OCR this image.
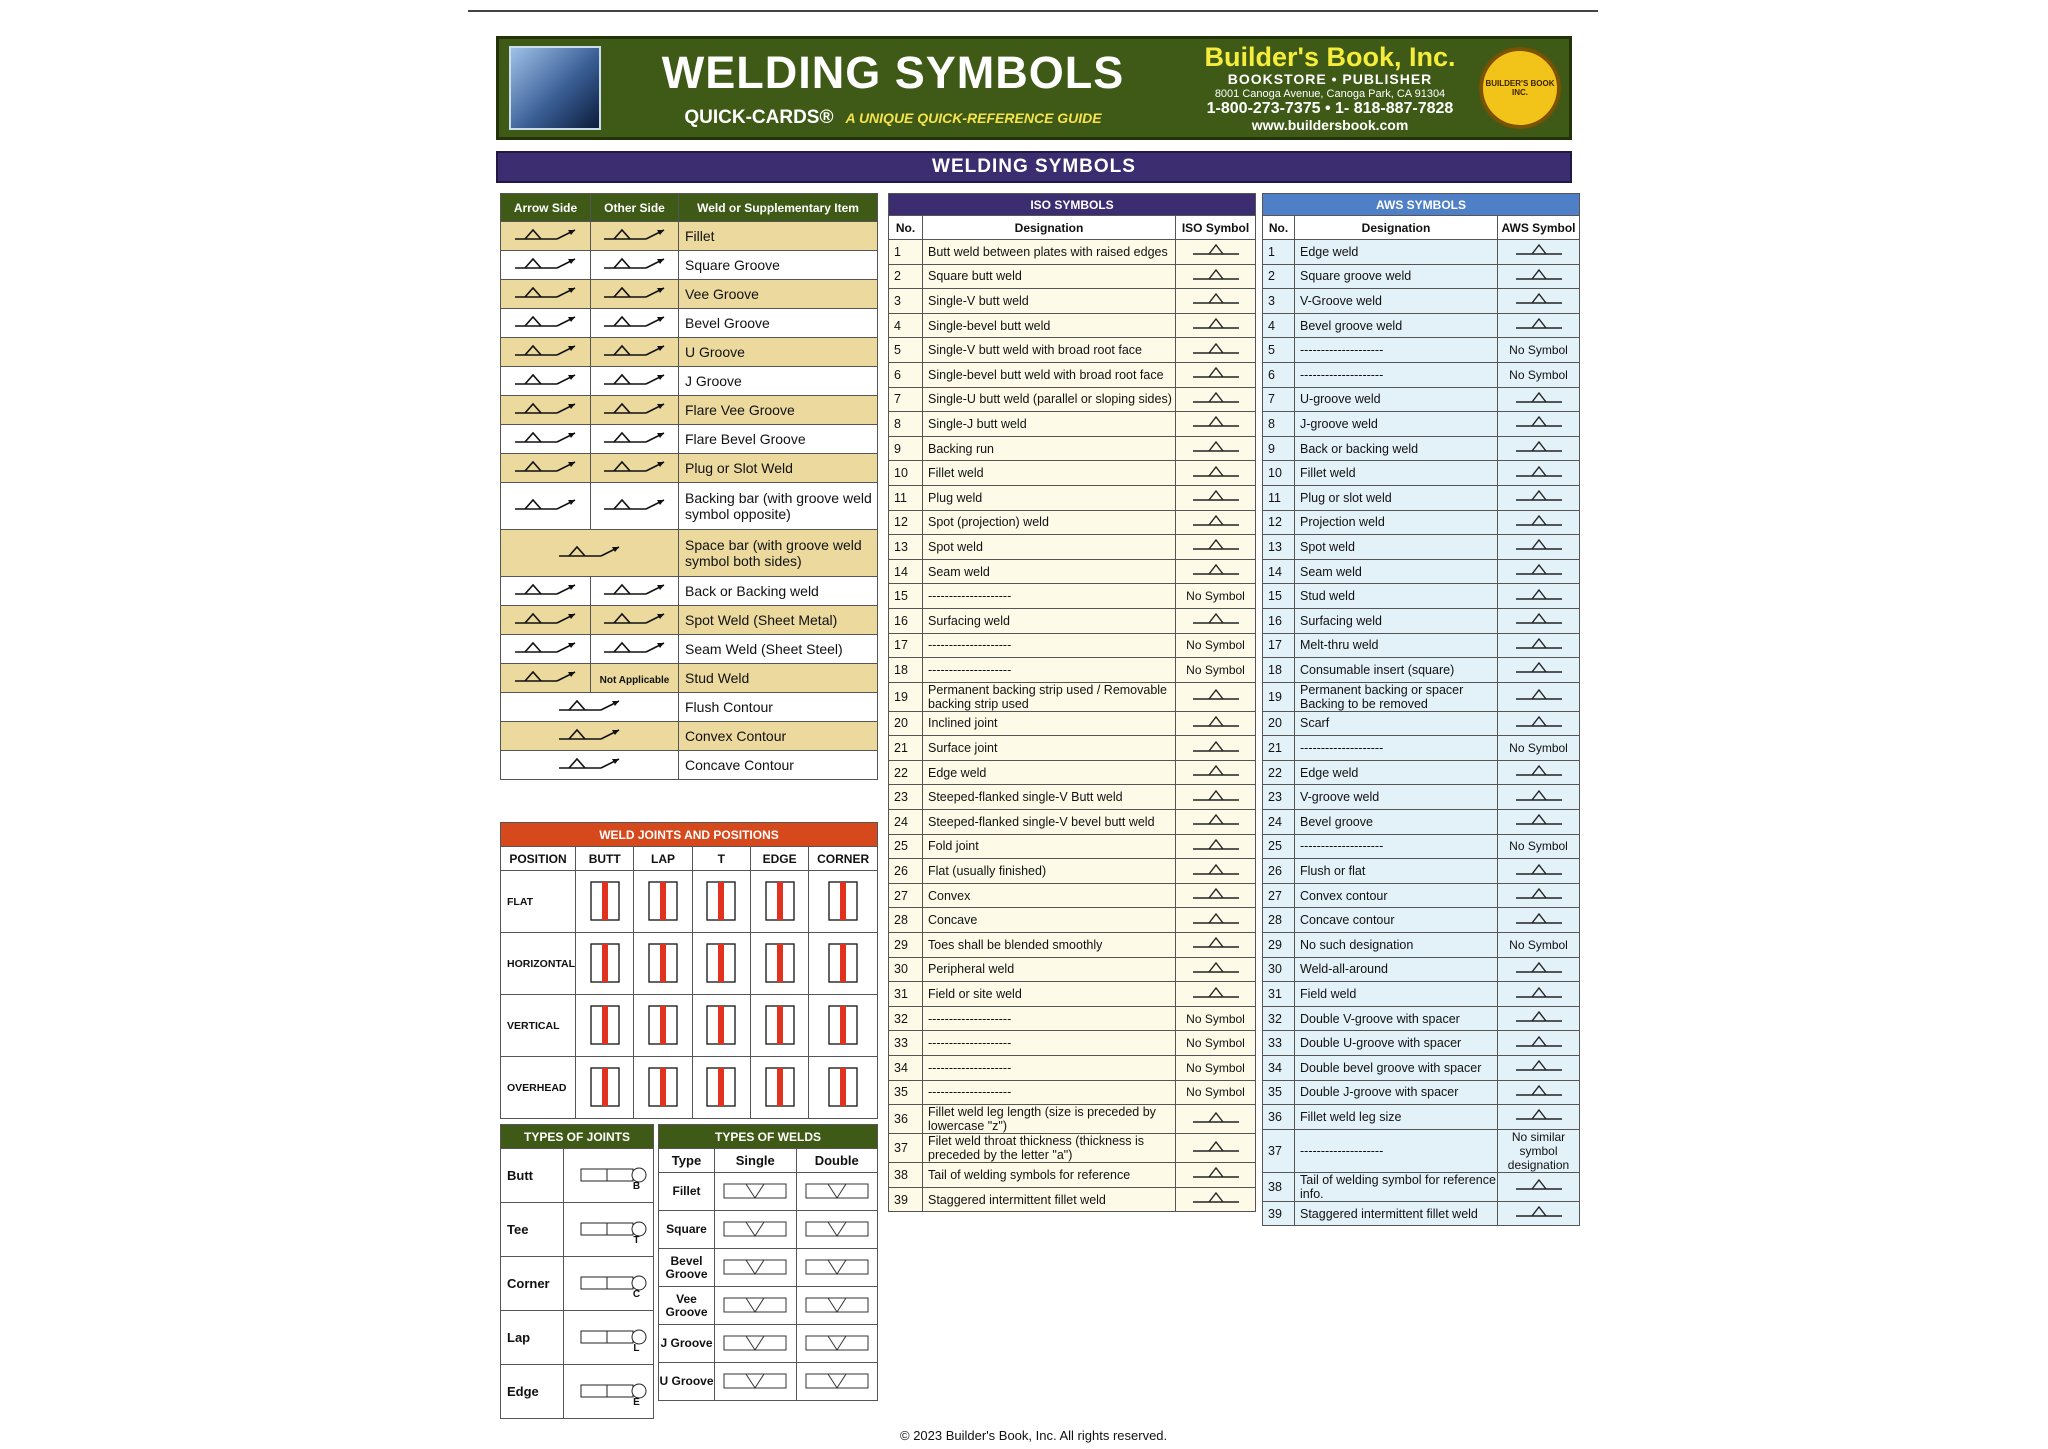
WELDING SYMBOLS
QUICK-CARDS® A UNIQUE QUICK-REFERENCE GUIDE
Builder's Book, Inc.
BOOKSTORE • PUBLISHER
8001 Canoga Avenue, Canoga Park, CA 91304
1-800-273-7375 • 1- 818-887-7828
www.buildersbook.com
BUILDER'S BOOK INC.
WELDING SYMBOLS
Arrow Side	Other Side	Weld or Supplementary Item

	Fillet

	Square Groove

	Vee Groove

	Bevel Groove

	U Groove

	J Groove

	Flare Vee Groove

	Flare Bevel Groove

	Plug or Slot Weld

	Backing bar (with groove weld symbol opposite)

	Space bar (with groove weld symbol both sides)

	Back or Backing weld

	Spot Weld (Sheet Metal)

	Seam Weld (Sheet Steel)

	Not Applicable	Stud Weld

	Flush Contour

	Convex Contour

	Concave Contour
ISO SYMBOLS		
No.	Designation	ISO Symbol
1	Butt weld between plates with raised edges	
2	Square butt weld	
3	Single-V butt weld	
4	Single-bevel butt weld	
5	Single-V butt weld with broad root face	
6	Single-bevel butt weld with broad root face	
7	Single-U butt weld (parallel or sloping sides)	
8	Single-J butt weld	
9	Backing run	
10	Fillet weld	
11	Plug weld	
12	Spot (projection) weld	
13	Spot weld	
14	Seam weld	
15	--------------------	No Symbol
16	Surfacing weld	
17	--------------------	No Symbol
18	--------------------	No Symbol
19	Permanent backing strip used / Removable backing strip used	
20	Inclined joint	
21	Surface joint	
22	Edge weld	
23	Steeped-flanked single-V Butt weld	
24	Steeped-flanked single-V bevel butt weld	
25	Fold joint	
26	Flat (usually finished)	
27	Convex	
28	Concave	
29	Toes shall be blended smoothly	
30	Peripheral weld	
31	Field or site weld	
32	--------------------	No Symbol
33	--------------------	No Symbol
34	--------------------	No Symbol
35	--------------------	No Symbol
36	Fillet weld leg length (size is preceded by lowercase "z")	
37	Filet weld throat thickness (thickness is preceded by the letter "a")	
38	Tail of welding symbols for reference	
39	Staggered intermittent fillet weld	
AWS SYMBOLS		
No.	Designation	AWS Symbol
1	Edge weld	
2	Square groove weld	
3	V-Groove weld	
4	Bevel groove weld	
5	--------------------	No Symbol
6	--------------------	No Symbol
7	U-groove weld	
8	J-groove weld	
9	Back or backing weld	
10	Fillet weld	
11	Plug or slot weld	
12	Projection weld	
13	Spot weld	
14	Seam weld	
15	Stud weld	
16	Surfacing weld	
17	Melt-thru weld	
18	Consumable insert (square)	
19	Permanent backing or spacer Backing to be removed	
20	Scarf	
21	--------------------	No Symbol
22	Edge weld	
23	V-groove weld	
24	Bevel groove	
25	--------------------	No Symbol
26	Flush or flat	
27	Convex contour	
28	Concave contour	
29	No such designation	No Symbol
30	Weld-all-around	
31	Field weld	
32	Double V-groove with spacer	
33	Double U-groove with spacer	
34	Double bevel groove with spacer	
35	Double J-groove with spacer	
36	Fillet weld leg size	
37	--------------------	No similar symbol designation
38	Tail of welding symbol for reference info.	
39	Staggered intermittent fillet weld	
WELD JOINTS AND POSITIONS					
POSITION	BUTT	LAP	T	EDGE	CORNER
FLAT					
HORIZONTAL					
VERTICAL					
OVERHEAD					
TYPES OF JOINTS	
Butt	B
Tee	T
Corner	C
Lap	L
Edge	E
TYPES OF WELDS		
Type	Single	Double
Fillet		
Square		
Bevel Groove		
Vee Groove		
J Groove		
U Groove		
© 2023 Builder's Book, Inc. All rights reserved.
